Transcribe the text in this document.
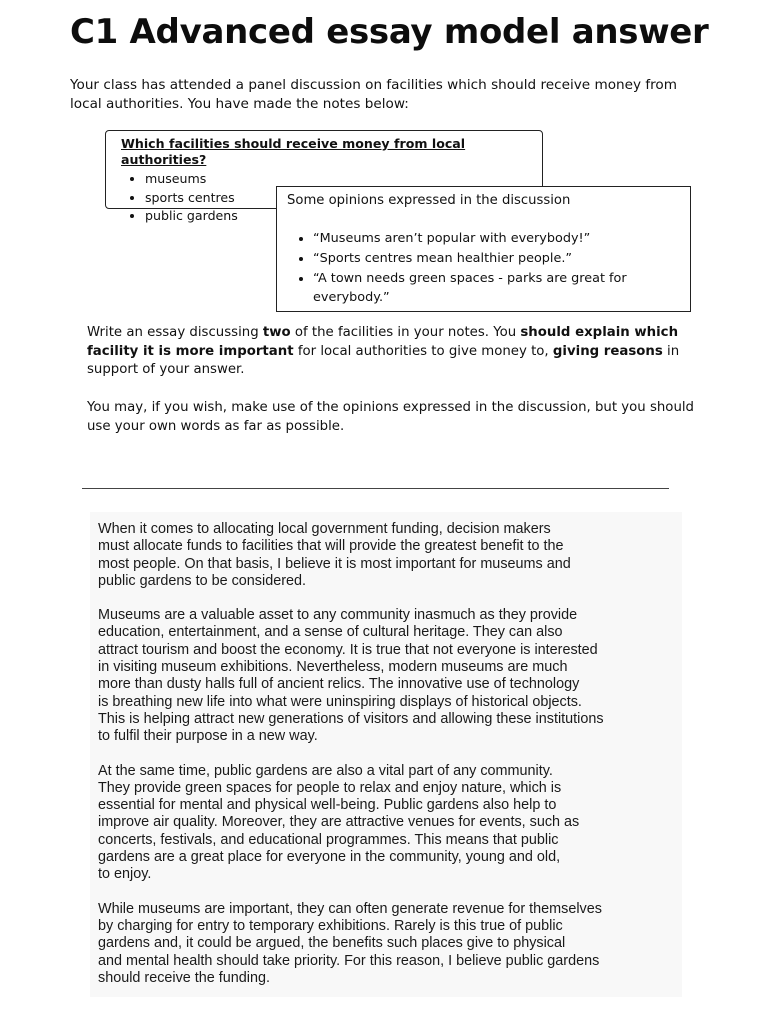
C1 Advanced essay model answer
Your class has attended a panel discussion on facilities which should receive money from local authorities. You have made the notes below:
Which facilities should receive money from local authorities?
• museums
• sports centres
• public gardens
Some opinions expressed in the discussion
• “Museums aren’t popular with everybody!”
• “Sports centres mean healthier people.”
• “A town needs green spaces - parks are great for everybody.”

Write an essay discussing two of the facilities in your notes. You should explain which facility it is more important for local authorities to give money to, giving reasons in support of your answer.

You may, if you wish, make use of the opinions expressed in the discussion, but you should use your own words as far as possible.

When it comes to allocating local government funding, decision makers
must allocate funds to facilities that will provide the greatest benefit to the
most people. On that basis, I believe it is most important for museums and
public gardens to be considered.

Museums are a valuable asset to any community inasmuch as they provide
education, entertainment, and a sense of cultural heritage. They can also
attract tourism and boost the economy. It is true that not everyone is interested
in visiting museum exhibitions. Nevertheless, modern museums are much
more than dusty halls full of ancient relics. The innovative use of technology
is breathing new life into what were uninspiring displays of historical objects.
This is helping attract new generations of visitors and allowing these institutions
to fulfil their purpose in a new way.

At the same time, public gardens are also a vital part of any community.
They provide green spaces for people to relax and enjoy nature, which is
essential for mental and physical well-being. Public gardens also help to
improve air quality. Moreover, they are attractive venues for events, such as
concerts, festivals, and educational programmes. This means that public
gardens are a great place for everyone in the community, young and old,
to enjoy.

While museums are important, they can often generate revenue for themselves
by charging for entry to temporary exhibitions. Rarely is this true of public
gardens and, it could be argued, the benefits such places give to physical
and mental health should take priority. For this reason, I believe public gardens
should receive the funding.
